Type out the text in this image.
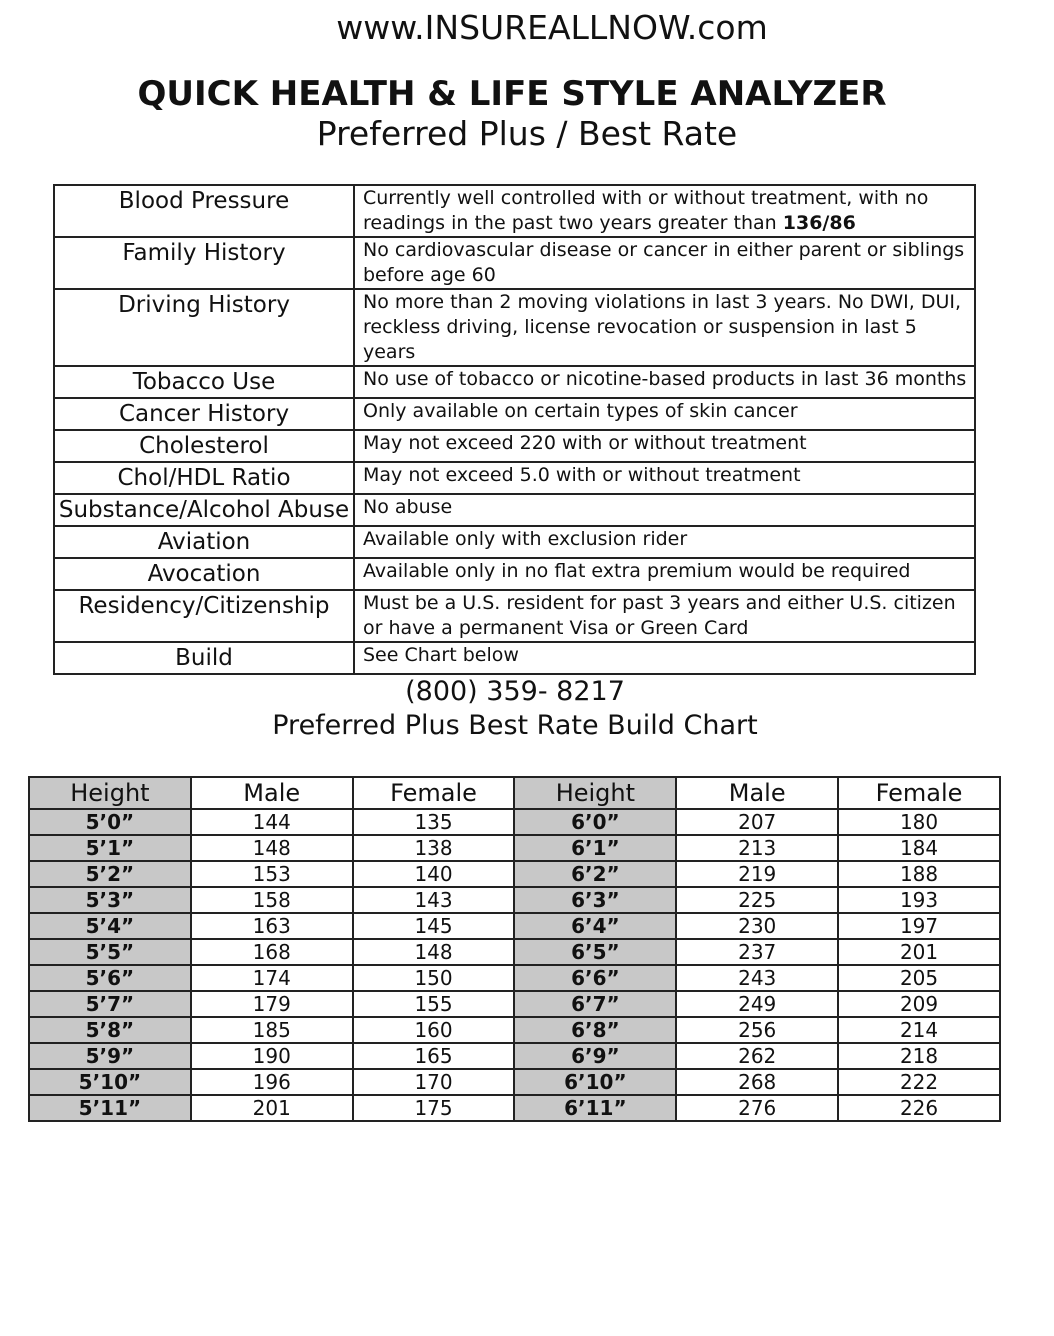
www.INSUREALLNOW.com
QUICK HEALTH & LIFE STYLE ANALYZER
Preferred Plus / Best Rate
Blood Pressure	Currently well controlled with or without treatment, with no readings in the past two years greater than 136/86
Family History	No cardiovascular disease or cancer in either parent or siblings before age 60
Driving History	No more than 2 moving violations in last 3 years. No DWI, DUI, reckless driving, license revocation or suspension in last 5 years
Tobacco Use	No use of tobacco or nicotine-based products in last 36 months
Cancer History	Only available on certain types of skin cancer
Cholesterol	May not exceed 220 with or without treatment
Chol/HDL Ratio	May not exceed 5.0 with or without treatment
Substance/Alcohol Abuse	No abuse
Aviation	Available only with exclusion rider
Avocation	Available only in no flat extra premium would be required
Residency/Citizenship	Must be a U.S. resident for past 3 years and either U.S. citizen or have a permanent Visa or Green Card
Build	See Chart below
(800) 359- 8217
Preferred Plus Best Rate Build Chart
Height	Male	Female	Height	Male	Female
5’0”	144	135	6’0”	207	180
5’1”	148	138	6’1”	213	184
5’2”	153	140	6’2”	219	188
5’3”	158	143	6’3”	225	193
5’4”	163	145	6’4”	230	197
5’5”	168	148	6’5”	237	201
5’6”	174	150	6’6”	243	205
5’7”	179	155	6’7”	249	209
5’8”	185	160	6’8”	256	214
5’9”	190	165	6’9”	262	218
5’10”	196	170	6’10”	268	222
5’11”	201	175	6’11”	276	226
